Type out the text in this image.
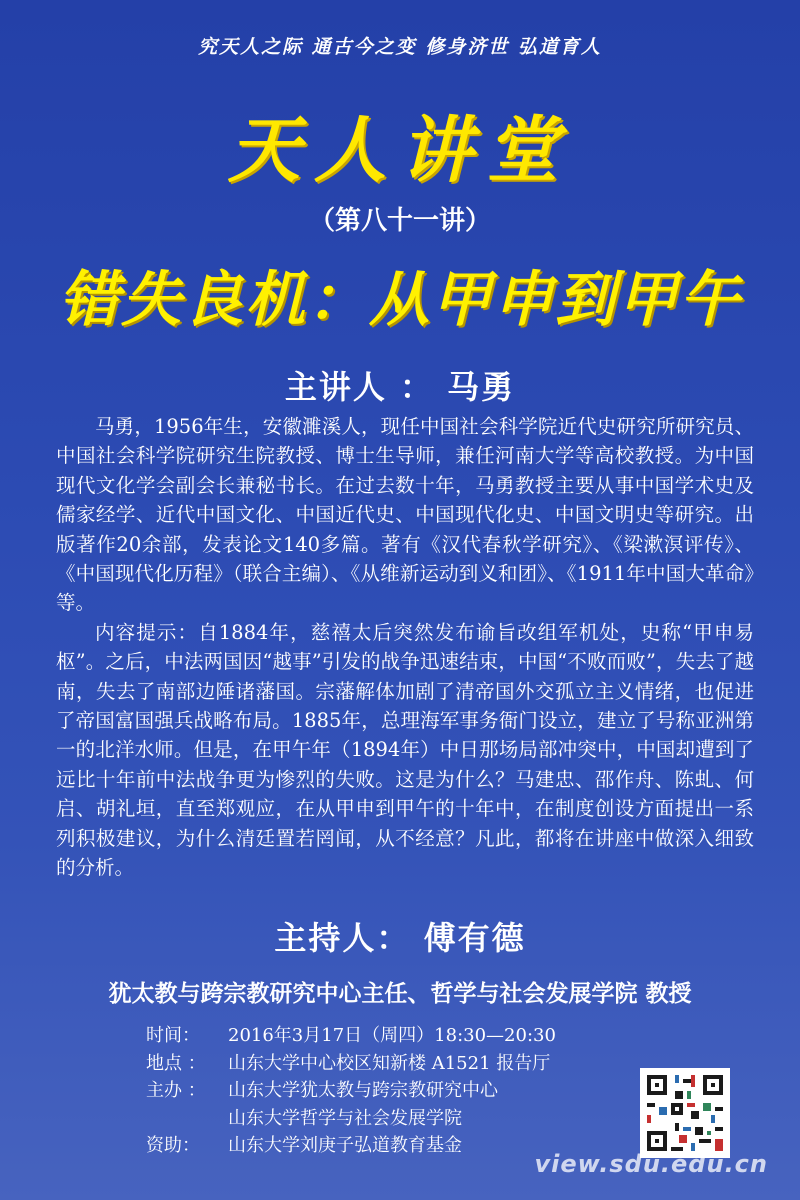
究天人之际 通古今之变 修身济世 弘道育人
天人讲堂
（第八十一讲）
错失良机：从甲申到甲午
主讲人 ： 马勇

马勇，1956年生，安徽濉溪人，现任中国社会科学院近代史研究所研究员、中国社会科学院研究生院教授、博士生导师，兼任河南大学等高校教授。为中国现代文化学会副会长兼秘书长。在过去数十年，马勇教授主要从事中国学术史及儒家经学、近代中国文化、中国近代史、中国现代化史、中国文明史等研究。出版著作20余部，发表论文140多篇。著有《汉代春秋学研究》、《梁漱溟评传》、《中国现代化历程》（联合主编）、《从维新运动到义和团》、《1911年中国大革命》等。

内容提示：自1884年，慈禧太后突然发布谕旨改组军机处，史称“甲申易枢”。之后，中法两国因“越事”引发的战争迅速结束，中国“不败而败”，失去了越南，失去了南部边陲诸藩国。宗藩解体加剧了清帝国外交孤立主义情绪，也促进了帝国富国强兵战略布局。1885年，总理海军事务衙门设立，建立了号称亚洲第一的北洋水师。但是，在甲午年（1894年）中日那场局部冲突中，中国却遭到了远比十年前中法战争更为惨烈的失败。这是为什么？马建忠、邵作舟、陈虬、何启、胡礼垣，直至郑观应，在从甲申到甲午的十年中，在制度创设方面提出一系列积极建议，为什么清廷置若罔闻，从不经意？凡此，都将在讲座中做深入细致的分析。

主持人： 傅有德
犹太教与跨宗教研究中心主任、哲学与社会发展学院 教授
时间：	2016年3月17日（周四）18:30—20:30
地点 ：	山东大学中心校区知新楼 A1521 报告厅
主办 ：	山东大学犹太教与跨宗教研究中心
山东大学哲学与社会发展学院
资助：	山东大学刘庚子弘道教育基金
view.sdu.edu.cn
